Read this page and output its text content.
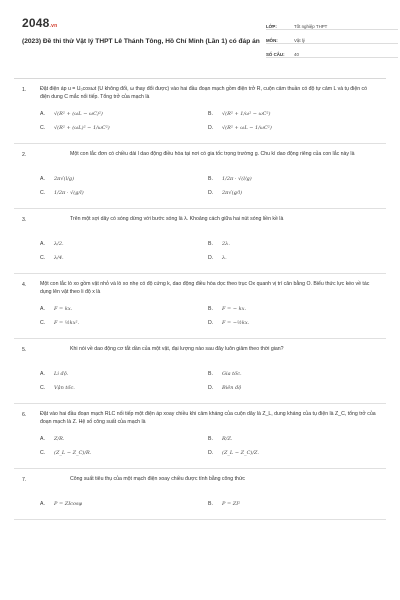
2048.vn
(2023) Đề thi thử Vật lý THPT Lê Thánh Tông, Hồ Chí Minh (Lần 1) có đáp án
LỚP:	Tốt nghiệp THPT
MÔN:	Vật lý
SỐ CÂU:	40
1.	Đặt điện áp u = U₀cosωt (U không đổi, ω thay đổi được) vào hai đầu đoạn mạch gồm điện trở R, cuộn cảm thuần có độ tự cảm L và tụ điện có điện dung C mắc nối tiếp. Tổng trở của mạch là
A.	√(R² + (ωL − ωC)²)	B.	√(R² + 1/ω² − ωC²)
C.	√(R² + (ωL)² − 1/ωC²)	D.	√(R² + ωL − 1/ωC²)
2.	Một con lắc đơn có chiều dài l dao động điều hòa tại nơi có gia tốc trọng trường g. Chu kì dao động riêng của con lắc này là
A.	2π√(l/g)	B.	1/2π · √(l/g)
C.	1/2π · √(g/l)	D.	2π√(g/l)
3.	Trên một sợi dây có sóng dừng với bước sóng là λ. Khoảng cách giữa hai nút sóng liền kề là
A.	λ/2.	B.	2λ.
C.	λ/4.	D.	λ.
4.	Một con lắc lò xo gồm vật nhỏ và lò xo nhẹ có độ cứng k, dao động điều hòa dọc theo trục Ox quanh vị trí cân bằng O. Biểu thức lực kéo về tác dụng lên vật theo li độ x là
A.	F = kx.	B.	F = − kx.
C.	F = ½kx².	D.	F = −½kx.
5.	Khi nói về dao động cơ tắt dần của một vật, đại lượng nào sau đây luôn giảm theo thời gian?
A.	Li độ.	B.	Gia tốc.
C.	Vận tốc.	D.	Biên độ
6.	Đặt vào hai đầu đoạn mạch RLC nối tiếp một điện áp xoay chiều khi cảm kháng của cuộn dây là Z_L, dung kháng của tụ điện là Z_C, tổng trở của đoạn mạch là Z. Hệ số công suất của mạch là
A.	Z/R.	B.	R/Z.
C.	(Z_L − Z_C)/R.	D.	(Z_L − Z_C)/Z.
7.	Công suất tiêu thụ của một mạch điện xoay chiều được tính bằng công thức
A.	P = ZIcosφ	B.	P = ZI²
